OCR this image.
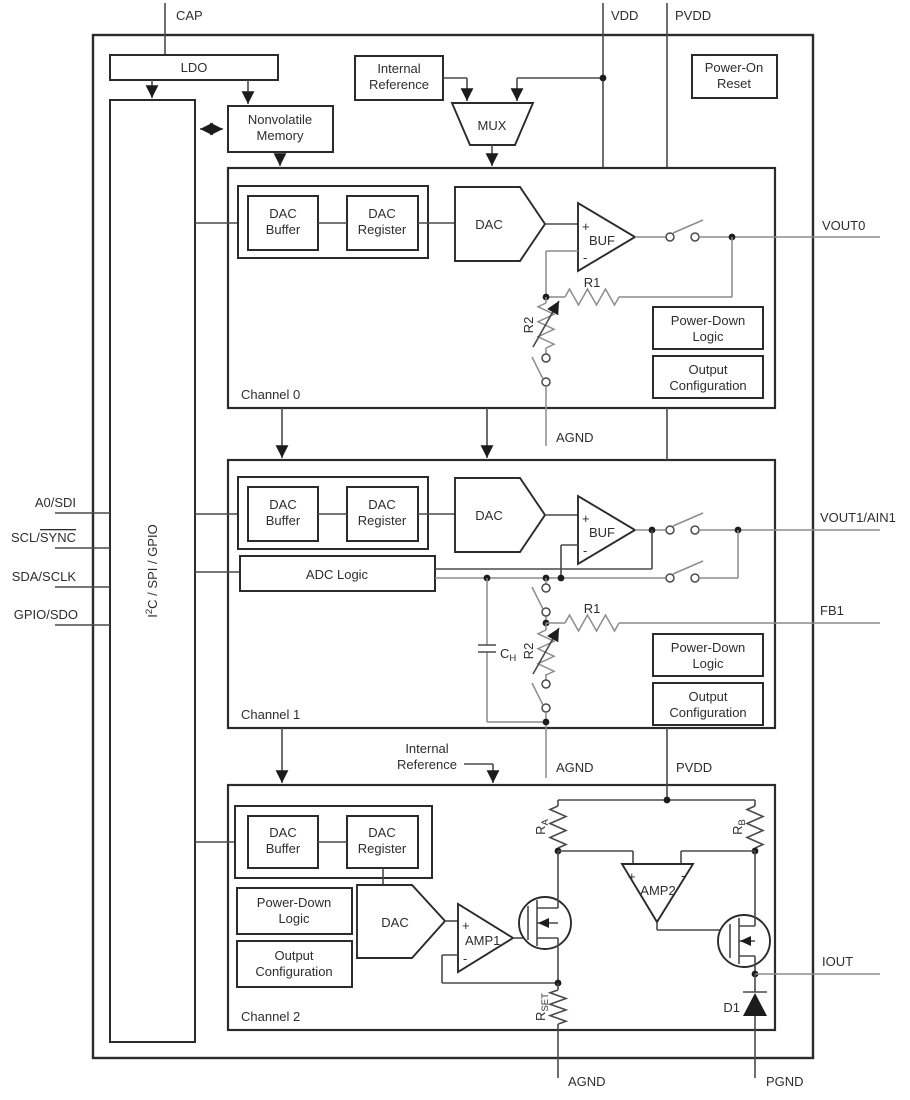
CAP	VDD	PVDD
$I^2C$ / SPI / GPIO
A0/SDI
SCL/SYNC
SDA/SCLK
GPIO/SDO
LDO
Nonvolatile
Memory
Internal
Reference
MUX
Power-On
Reset
DAC
Buffer
DAC
Register	DAC	+
BUF
-
R1
R2	Power-Down
Logic
Output
Configuration
Channel 0
AGND
DAC
Buffer
DAC
Register	DAC
ADC Logic
+
BUF
-
$C_H$
R1
R2	Power-Down
Logic
Output
Configuration
Channel 1
Internal
Reference	AGND	PVDD
DAC
Buffer
DAC
Register
Power-Down
Logic
Output
Configuration
DAC	+
AMP1
-
$R_A$
$R_B$
+
AMP2
-
$R_{SET}$	D1
Channel 2
VOUT0
VOUT1/AIN1
FB1
IOUT
AGND	PGND
